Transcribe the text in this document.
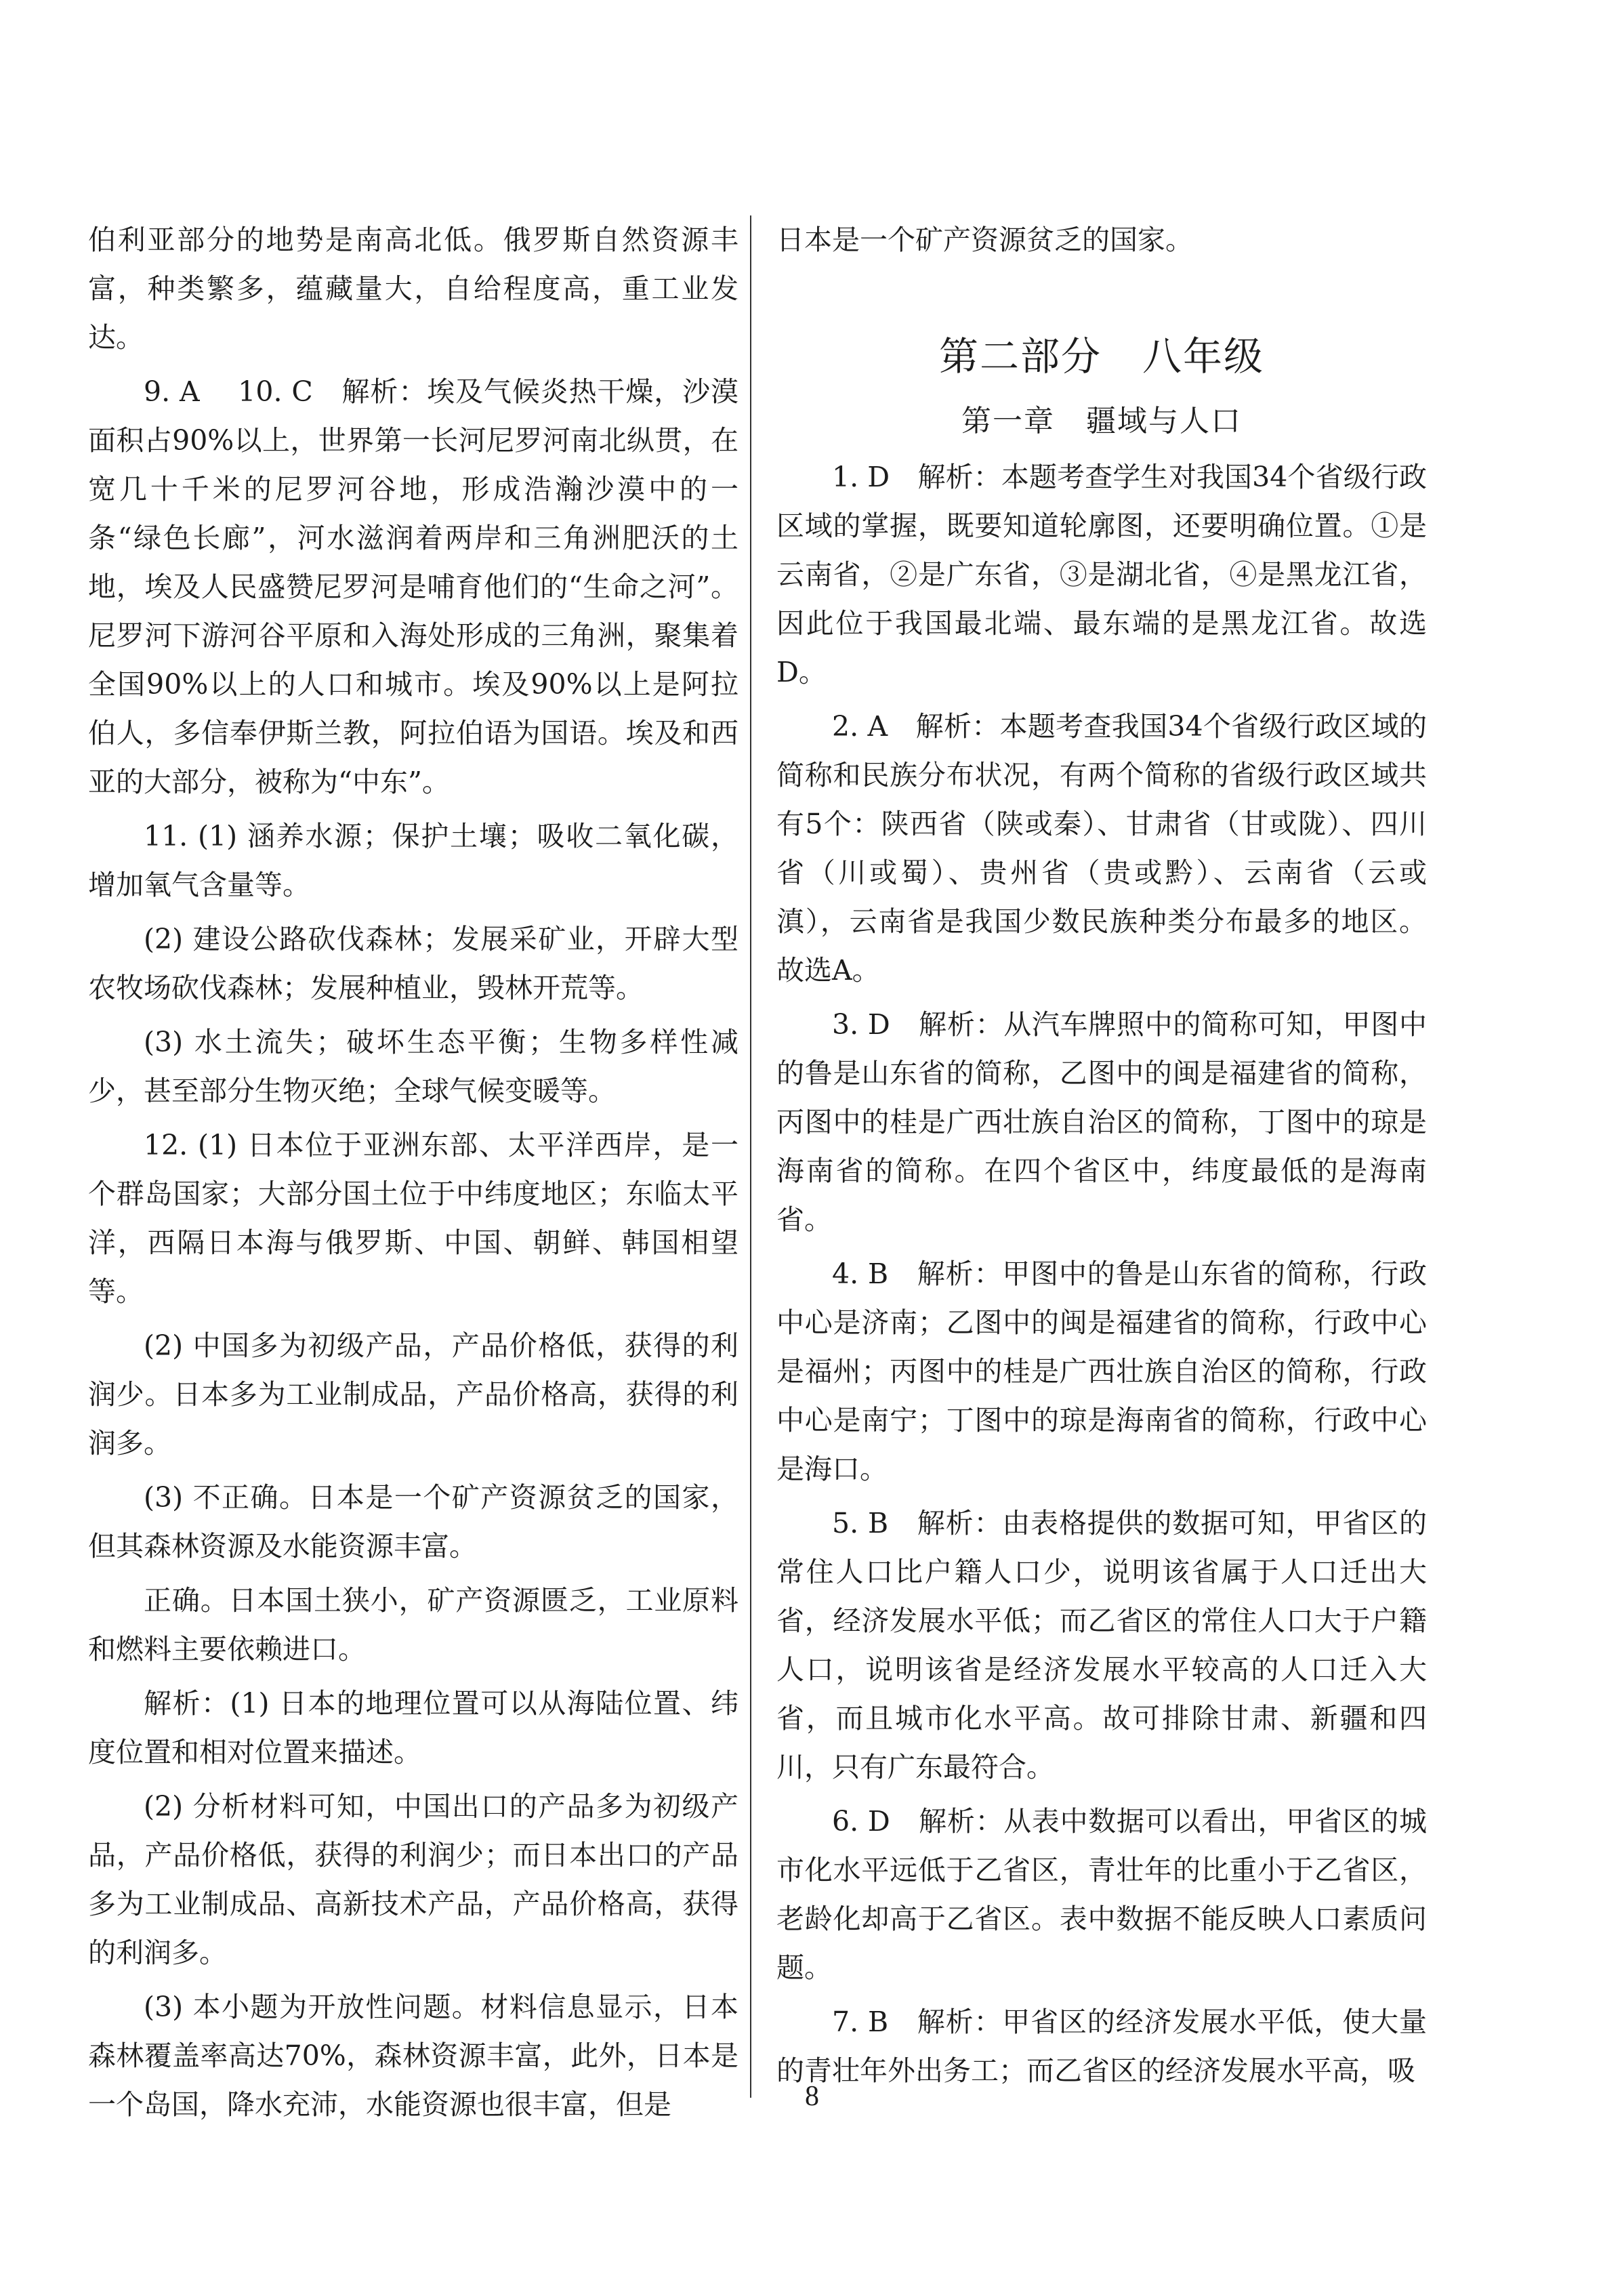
伯利亚部分的地势是南高北低。俄罗斯自然资源丰富，种类繁多，蕴藏量大，自给程度高，重工业发达。

9. A　 10. C　解析：埃及气候炎热干燥，沙漠面积占90%以上，世界第一长河尼罗河南北纵贯，在宽几十千米的尼罗河谷地，形成浩瀚沙漠中的一条“绿色长廊”，河水滋润着两岸和三角洲肥沃的土地，埃及人民盛赞尼罗河是哺育他们的“生命之河”。尼罗河下游河谷平原和入海处形成的三角洲，聚集着全国90%以上的人口和城市。埃及90%以上是阿拉伯人，多信奉伊斯兰教，阿拉伯语为国语。埃及和西亚的大部分，被称为“中东”。

11. (1) 涵养水源；保护土壤；吸收二氧化碳，增加氧气含量等。

(2) 建设公路砍伐森林；发展采矿业，开辟大型农牧场砍伐森林；发展种植业，毁林开荒等。

(3) 水土流失；破坏生态平衡；生物多样性减少，甚至部分生物灭绝；全球气候变暖等。

12. (1) 日本位于亚洲东部、太平洋西岸，是一个群岛国家；大部分国土位于中纬度地区；东临太平洋，西隔日本海与俄罗斯、中国、朝鲜、韩国相望等。

(2) 中国多为初级产品，产品价格低，获得的利润少。日本多为工业制成品，产品价格高，获得的利润多。

(3) 不正确。日本是一个矿产资源贫乏的国家，但其森林资源及水能资源丰富。

正确。日本国土狭小，矿产资源匮乏，工业原料和燃料主要依赖进口。

解析：(1) 日本的地理位置可以从海陆位置、纬度位置和相对位置来描述。

(2) 分析材料可知，中国出口的产品多为初级产品，产品价格低，获得的利润少；而日本出口的产品多为工业制成品、高新技术产品，产品价格高，获得的利润多。

(3) 本小题为开放性问题。材料信息显示，日本森林覆盖率高达70%，森林资源丰富，此外，日本是一个岛国，降水充沛，水能资源也很丰富，但是

日本是一个矿产资源贫乏的国家。

第二部分　八年级
第一章　疆域与人口

1. D　解析：本题考查学生对我国34个省级行政区域的掌握，既要知道轮廓图，还要明确位置。①是云南省，②是广东省，③是湖北省，④是黑龙江省，因此位于我国最北端、最东端的是黑龙江省。故选D。

2. A　解析：本题考查我国34个省级行政区域的简称和民族分布状况，有两个简称的省级行政区域共有5个：陕西省（陕或秦）、甘肃省（甘或陇）、四川省（川或蜀）、贵州省（贵或黔）、云南省（云或滇），云南省是我国少数民族种类分布最多的地区。故选A。

3. D　解析：从汽车牌照中的简称可知，甲图中的鲁是山东省的简称，乙图中的闽是福建省的简称，丙图中的桂是广西壮族自治区的简称，丁图中的琼是海南省的简称。在四个省区中，纬度最低的是海南省。

4. B　解析：甲图中的鲁是山东省的简称，行政中心是济南；乙图中的闽是福建省的简称，行政中心是福州；丙图中的桂是广西壮族自治区的简称，行政中心是南宁；丁图中的琼是海南省的简称，行政中心是海口。

5. B　解析：由表格提供的数据可知，甲省区的常住人口比户籍人口少，说明该省属于人口迁出大省，经济发展水平低；而乙省区的常住人口大于户籍人口，说明该省是经济发展水平较高的人口迁入大省，而且城市化水平高。故可排除甘肃、新疆和四川，只有广东最符合。

6. D　解析：从表中数据可以看出，甲省区的城市化水平远低于乙省区，青壮年的比重小于乙省区，老龄化却高于乙省区。表中数据不能反映人口素质问题。

7. B　解析：甲省区的经济发展水平低，使大量的青壮年外出务工；而乙省区的经济发展水平高，吸

8
